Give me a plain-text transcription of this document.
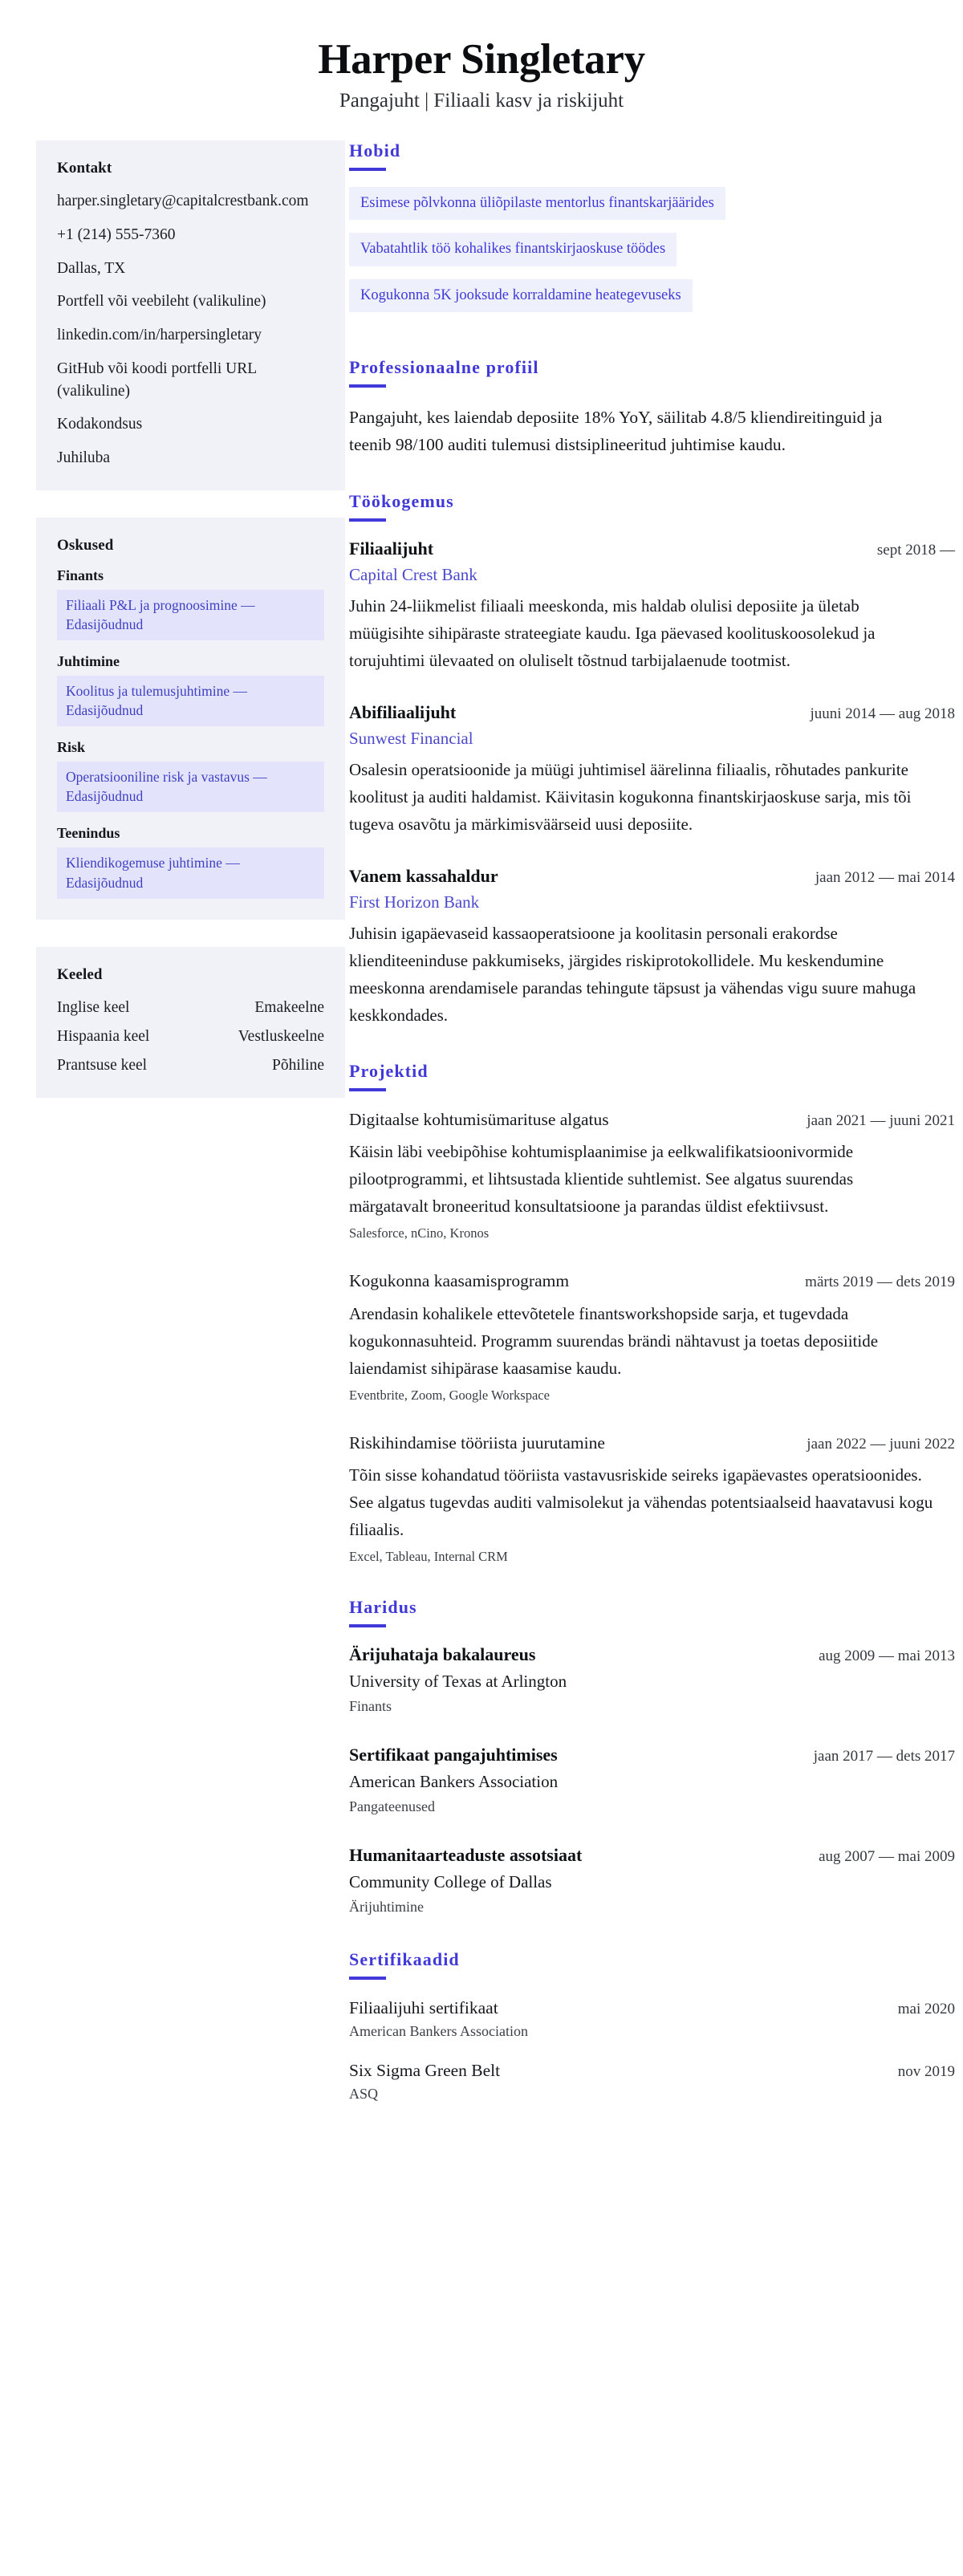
Harper Singletary
Pangajuht | Filiaali kasv ja riskijuht
Kontakt
harper.singletary@capitalcrestbank.com
+1 (214) 555-7360
Dallas, TX
Portfell või veebileht (valikuline)
linkedin.com/in/harpersingletary
GitHub või koodi portfelli URL (valikuline)
Kodakondsus
Juhiluba
Oskused
Finants
Filiaali P&L ja prognoosimine — Edasijõudnud
Juhtimine
Koolitus ja tulemusjuhtimine — Edasijõudnud
Risk
Operatsiooniline risk ja vastavus — Edasijõudnud
Teenindus
Kliendikogemuse juhtimine — Edasijõudnud
Keeled
Inglise keel	Emakeelne
Hispaania keel	Vestluskeelne
Prantsuse keel	Põhiline
Hobid
Esimese põlvkonna üliõpilaste mentorlus finantskarjäärides
Vabatahtlik töö kohalikes finantskirjaoskuse töödes
Kogukonna 5K jooksude korraldamine heategevuseks
Professionaalne profiil

Pangajuht, kes laiendab deposiite 18% YoY, säilitab 4.8/5 kliendireitinguid ja teenib 98/100 auditi tulemusi distsiplineeritud juhtimise kaudu.

Töökogemus
Filiaalijuht	sept 2018 —
Capital Crest Bank
Juhin 24-liikmelist filiaali meeskonda, mis haldab olulisi deposiite ja ületab müügisihte sihipäraste strateegiate kaudu. Iga päevased koolituskoosolekud ja torujuhtimi ülevaated on oluliselt tõstnud tarbijalaenude tootmist.
Abifiliaalijuht	juuni 2014 — aug 2018
Sunwest Financial
Osalesin operatsioonide ja müügi juhtimisel äärelinna filiaalis, rõhutades pankurite koolitust ja auditi haldamist. Käivitasin kogukonna finantskirjaoskuse sarja, mis tõi tugeva osavõtu ja märkimisväärseid uusi deposiite.
Vanem kassahaldur	jaan 2012 — mai 2014
First Horizon Bank
Juhisin igapäevaseid kassaoperatsioone ja koolitasin personali erakordse klienditeeninduse pakkumiseks, järgides riskiprotokollidele. Mu keskendumine meeskonna arendamisele parandas tehingute täpsust ja vähendas vigu suure mahuga keskkondades.
Projektid
Digitaalse kohtumisümarituse algatus	jaan 2021 — juuni 2021
Käisin läbi veebipõhise kohtumisplaanimise ja eelkwalifikatsioonivormide pilootprogrammi, et lihtsustada klientide suhtlemist. See algatus suurendas märgatavalt broneeritud konsultatsioone ja parandas üldist efektiivsust.
Salesforce, nCino, Kronos
Kogukonna kaasamisprogramm	märts 2019 — dets 2019
Arendasin kohalikele ettevõtetele finantsworkshopside sarja, et tugevdada kogukonnasuhteid. Programm suurendas brändi nähtavust ja toetas deposiitide laiendamist sihipärase kaasamise kaudu.
Eventbrite, Zoom, Google Workspace
Riskihindamise tööriista juurutamine	jaan 2022 — juuni 2022
Tõin sisse kohandatud tööriista vastavusriskide seireks igapäevastes operatsioonides. See algatus tugevdas auditi valmisolekut ja vähendas potentsiaalseid haavatavusi kogu filiaalis.
Excel, Tableau, Internal CRM
Haridus
Ärijuhataja bakalaureus	aug 2009 — mai 2013
University of Texas at Arlington
Finants
Sertifikaat pangajuhtimises	jaan 2017 — dets 2017
American Bankers Association
Pangateenused
Humanitaarteaduste assotsiaat	aug 2007 — mai 2009
Community College of Dallas
Ärijuhtimine
Sertifikaadid
Filiaalijuhi sertifikaat	mai 2020
American Bankers Association
Six Sigma Green Belt	nov 2019
ASQ
